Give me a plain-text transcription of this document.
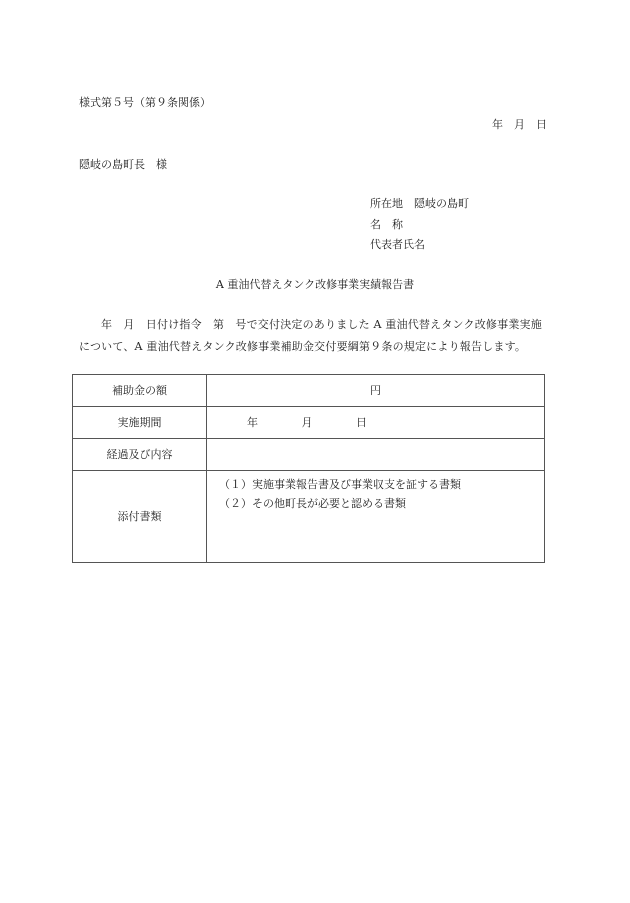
様式第５号（第９条関係）
年　月　日
隠岐の島町長　様
所在地　隠岐の島町
名　称
代表者氏名
A 重油代替えタンク改修事業実績報告書
年　月　日付け指令　第　号で交付決定のありました A 重油代替えタンク改修事業実施について、A 重油代替えタンク改修事業補助金交付要綱第９条の規定により報告します。
補助金の額	円
実施期間	年 月 日
経過及び内容	
添付書類	（１）実施事業報告書及び事業収支を証する書類
（２）その他町長が必要と認める書類
